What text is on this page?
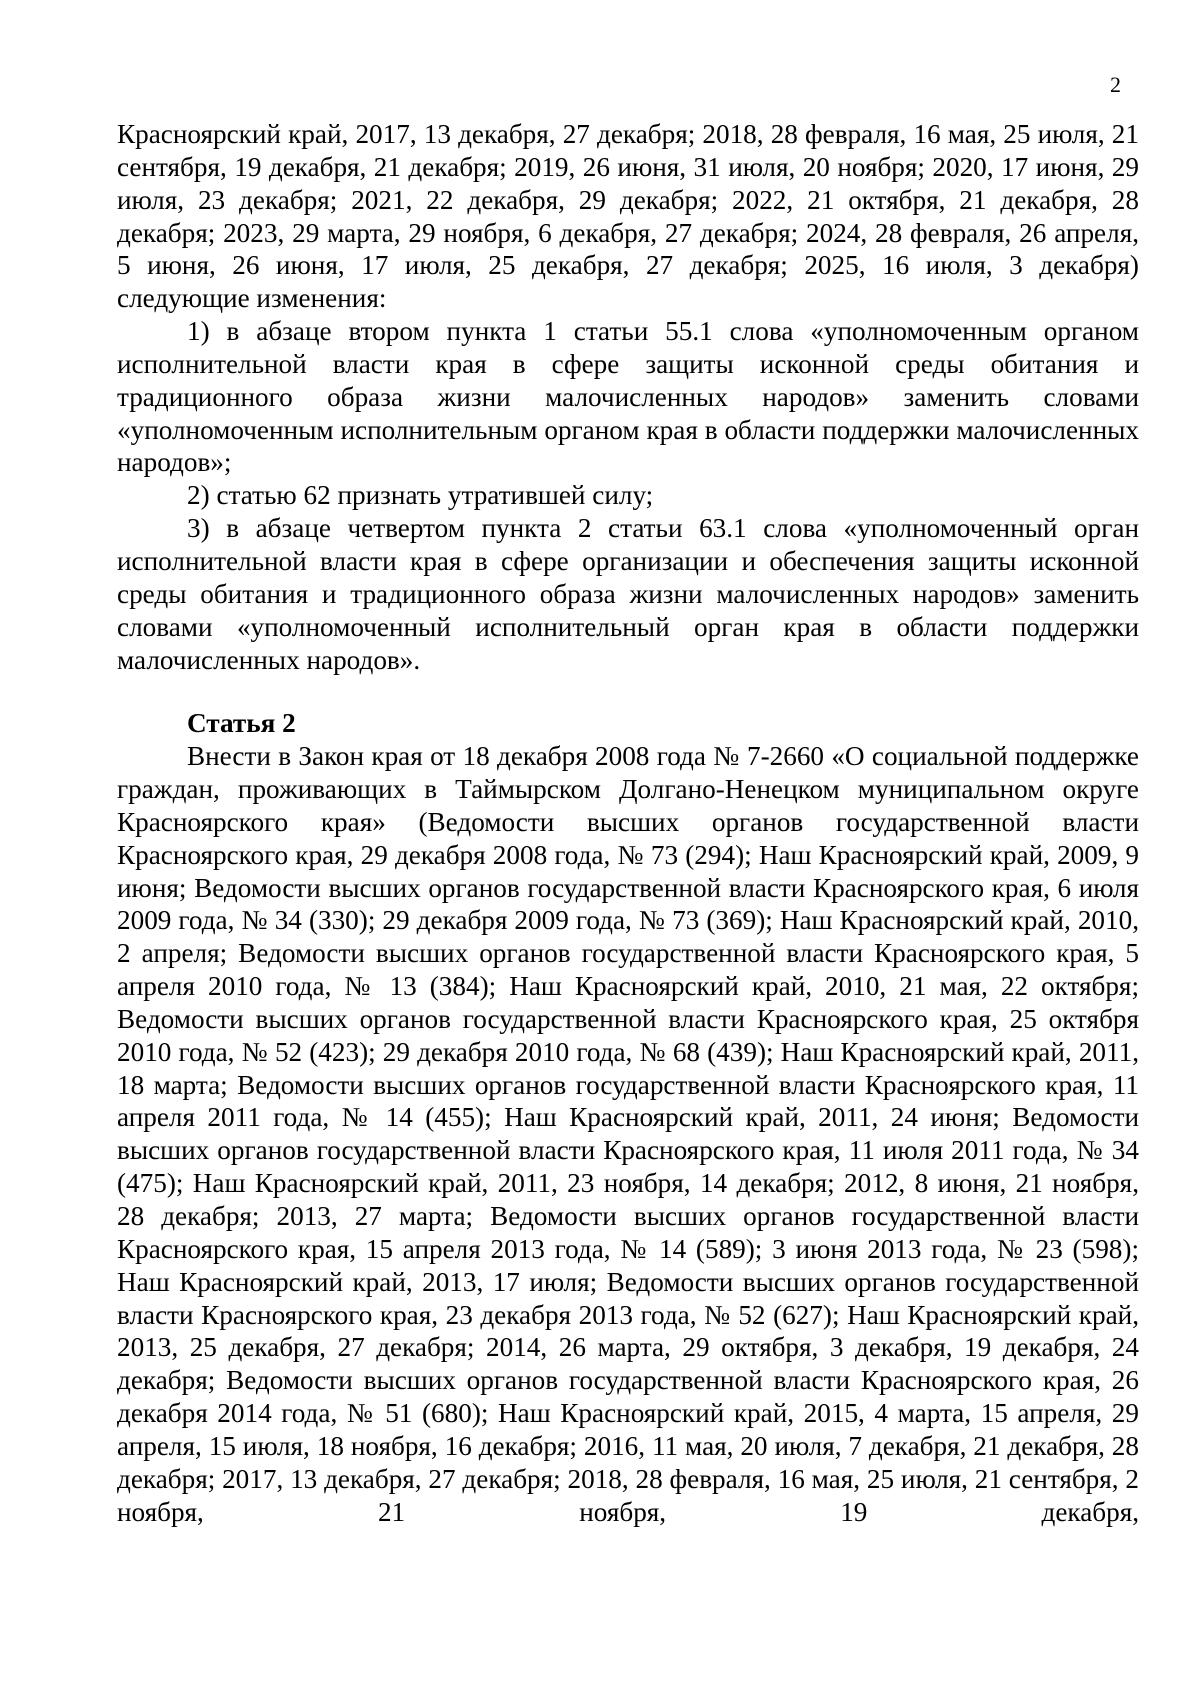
2

Красноярский край, 2017, 13 декабря, 27 декабря; 2018, 28 февраля, 16 мая, 25 июля, 21 сентября, 19 декабря, 21 декабря; 2019, 26 июня, 31 июля, 20 ноября; 2020, 17 июня, 29 июля, 23 декабря; 2021, 22 декабря, 29 декабря; 2022, 21 октября, 21 декабря, 28 декабря; 2023, 29 марта, 29 ноября, 6 декабря, 27 декабря; 2024, 28 февраля, 26 апреля, 5 июня, 26 июня, 17 июля, 25 декабря, 27 декабря; 2025, 16 июля, 3 декабря) следующие изменения:

1) в абзаце втором пункта 1 статьи 55.1 слова «уполномоченным органом исполнительной власти края в сфере защиты исконной среды обитания и традиционного образа жизни малочисленных народов» заменить словами «уполномоченным исполнительным органом края в области поддержки малочисленных народов»;

2) статью 62 признать утратившей силу;

3) в абзаце четвертом пункта 2 статьи 63.1 слова «уполномоченный орган исполнительной власти края в сфере организации и обеспечения защиты исконной среды обитания и традиционного образа жизни малочисленных народов» заменить словами «уполномоченный исполнительный орган края в области поддержки малочисленных народов».

Статья 2

Внести в Закон края от 18 декабря 2008 года № 7-2660 «О социальной поддержке граждан, проживающих в Таймырском Долгано-Ненецком муниципальном округе Красноярского края» (Ведомости высших органов государственной власти Красноярского края, 29 декабря 2008 года, № 73 (294); Наш Красноярский край, 2009, 9 июня; Ведомости высших органов государственной власти Красноярского края, 6 июля 2009 года, № 34 (330); 29 декабря 2009 года, № 73 (369); Наш Красноярский край, 2010, 2 апреля; Ведомости высших органов государственной власти Красноярского края, 5 апреля 2010 года, № 13 (384); Наш Красноярский край, 2010, 21 мая, 22 октября; Ведомости высших органов государственной власти Красноярского края, 25 октября 2010 года, № 52 (423); 29 декабря 2010 года, № 68 (439); Наш Красноярский край, 2011, 18 марта; Ведомости высших органов государственной власти Красноярского края, 11 апреля 2011 года, № 14 (455); Наш Красноярский край, 2011, 24 июня; Ведомости высших органов государственной власти Красноярского края, 11 июля 2011 года, № 34 (475); Наш Красноярский край, 2011, 23 ноября, 14 декабря; 2012, 8 июня, 21 ноября, 28 декабря; 2013, 27 марта; Ведомости высших органов государственной власти Красноярского края, 15 апреля 2013 года, № 14 (589); 3 июня 2013 года, № 23 (598); Наш Красноярский край, 2013, 17 июля; Ведомости высших органов государственной власти Красноярского края, 23 декабря 2013 года, № 52 (627); Наш Красноярский край, 2013, 25 декабря, 27 декабря; 2014, 26 марта, 29 октября, 3 декабря, 19 декабря, 24 декабря; Ведомости высших органов государственной власти Красноярского края, 26 декабря 2014 года, № 51 (680); Наш Красноярский край, 2015, 4 марта, 15 апреля, 29 апреля, 15 июля, 18 ноября, 16 декабря; 2016, 11 мая, 20 июля, 7 декабря, 21 декабря, 28 декабря; 2017, 13 декабря, 27 декабря; 2018, 28 февраля, 16 мая, 25 июля, 21 сентября, 2 ноября, 21 ноября, 19 декабря,
